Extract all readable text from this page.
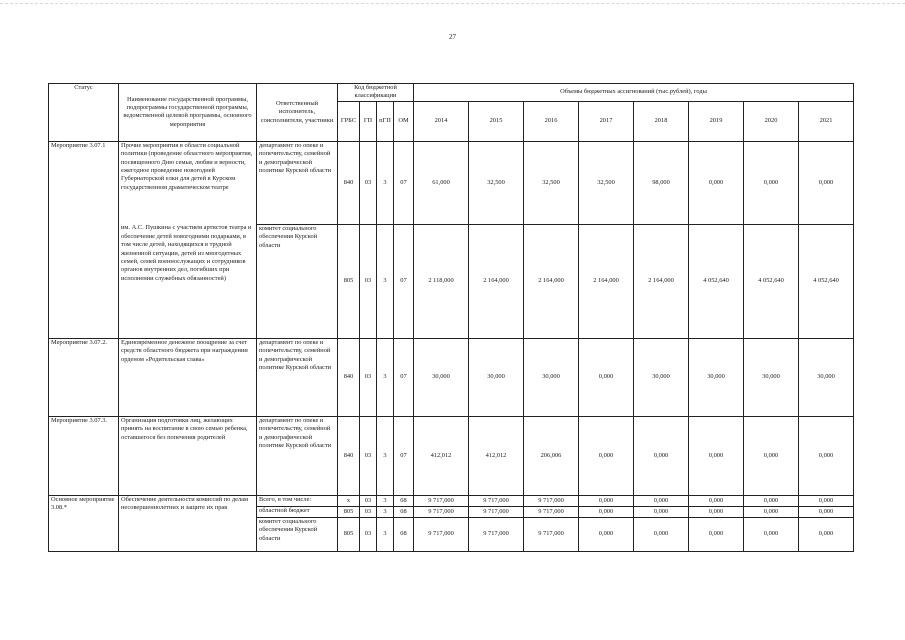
27
Статус	Наименование государственной программы, подпрограммы государственной программы, ведомственной целевой программы, основного мероприятия	Ответственный исполнитель, соисполнители, участники	Код бюджетной классификации				Объемы бюджетных ассигнований (тыс.рублей), годы							
			ГРБС	ГП	пГП	ОМ	2014	2015	2016	2017	2018	2019	2020	2021
Мероприятие 3.07.1	Прочие мероприятия в области социальной политики (проведение областного мероприятия, посвященного Дню семьи, любви и верности, ежегодное проведение новогодней Губернаторской елки для детей в Курском государственном драматическом театре	департамент по опеке и попечительству, семейной и демографической политике Курской области	840	03	3	07	61,000	32,500	32,500	32,500	98,000	0,000	0,000	0,000
	им. А.С. Пушкина с участием артистов театра и обеспечение детей новогодними подарками, в том числе детей, находящихся в трудной жизненной ситуации, детей из многодетных семей, семей военнослужащих и сотрудников органов внутренних дел, погибших при исполнении служебных обязанностей)	комитет социального обеспечения Курской области	805	03	3	07	2 118,000	2 164,000	2 164,000	2 164,000	2 164,000	4 052,640	4 052,640	4 052,640
Мероприятие 3.07.2.	Единовременное денежное поощрение за счет средств областного бюджета при награждении орденом «Родительская слава»	департамент по опеке и попечительству, семейной и демографической политике Курской области	840	03	3	07	30,000	30,000	30,000	0,000	30,000	30,000	30,000	30,000
Мероприятие 3.07.3.	Организация подготовки лиц, желающих принять на воспитание в свою семью ребенка, оставшегося без попечения родителей	департамент по опеке и попечительству, семейной и демографической политике Курской области	840	03	3	07	412,012	412,012	206,006	0,000	0,000	0,000	0,000	0,000
Основное мероприятие 3.08.*	Обеспечение деятельности комиссий по делам несовершеннолетних и защите их прав	Всего, в том числе:	х	03	3	08	9 717,000	9 717,000	9 717,000	0,000	0,000	0,000	0,000	0,000
		областной бюджет	805	03	3	08	9 717,000	9 717,000	9 717,000	0,000	0,000	0,000	0,000	0,000
		комитет социального обеспечения Курской области	805	03	3	08	9 717,000	9 717,000	9 717,000	0,000	0,000	0,000	0,000	0,000
